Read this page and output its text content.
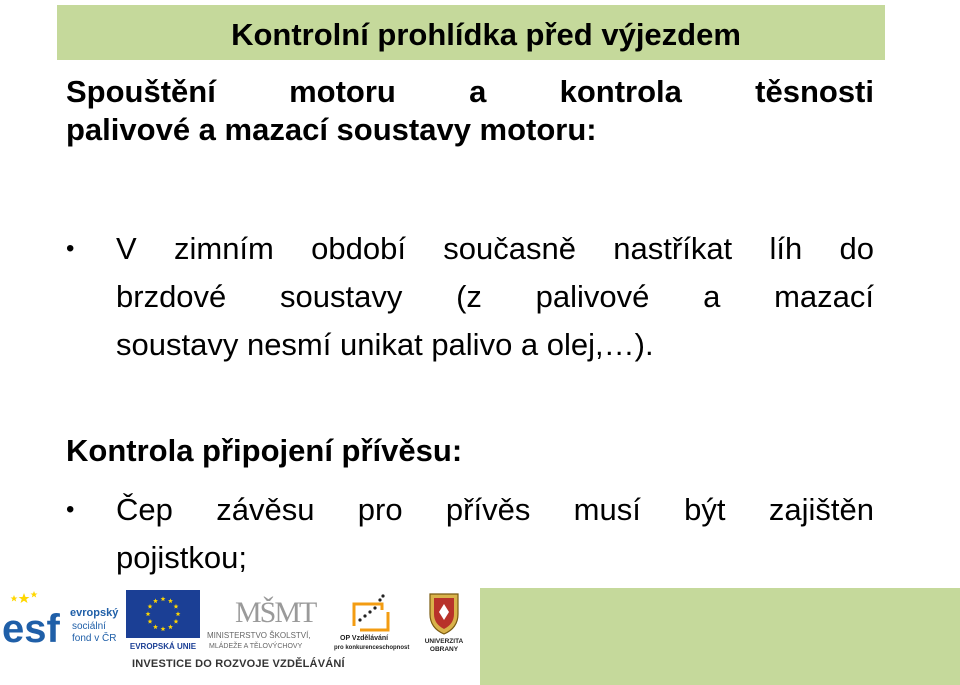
Kontrolní prohlídka před výjezdem
Spouštění motoru a kontrola těsnosti
palivové a mazací soustavy motoru:
• V zimním období současně nastříkat líh do
brzdové soustavy (z palivové a mazací
soustavy nesmí unikat palivo a olej,…).
Kontrola připojení přívěsu:
• Čep závěsu pro přívěs musí být zajištěn
pojistkou;
esf evropský
sociální
fond v ČR
EVROPSKÁ UNIE
MŠMT
MINISTERSTVO ŠKOLSTVÍ,
MLÁDEŽE A TĚLOVÝCHOVY
OP Vzdělávání
pro konkurenceschopnost
UNIVERZITA
OBRANY
INVESTICE DO ROZVOJE VZDĚLÁVÁNÍ
